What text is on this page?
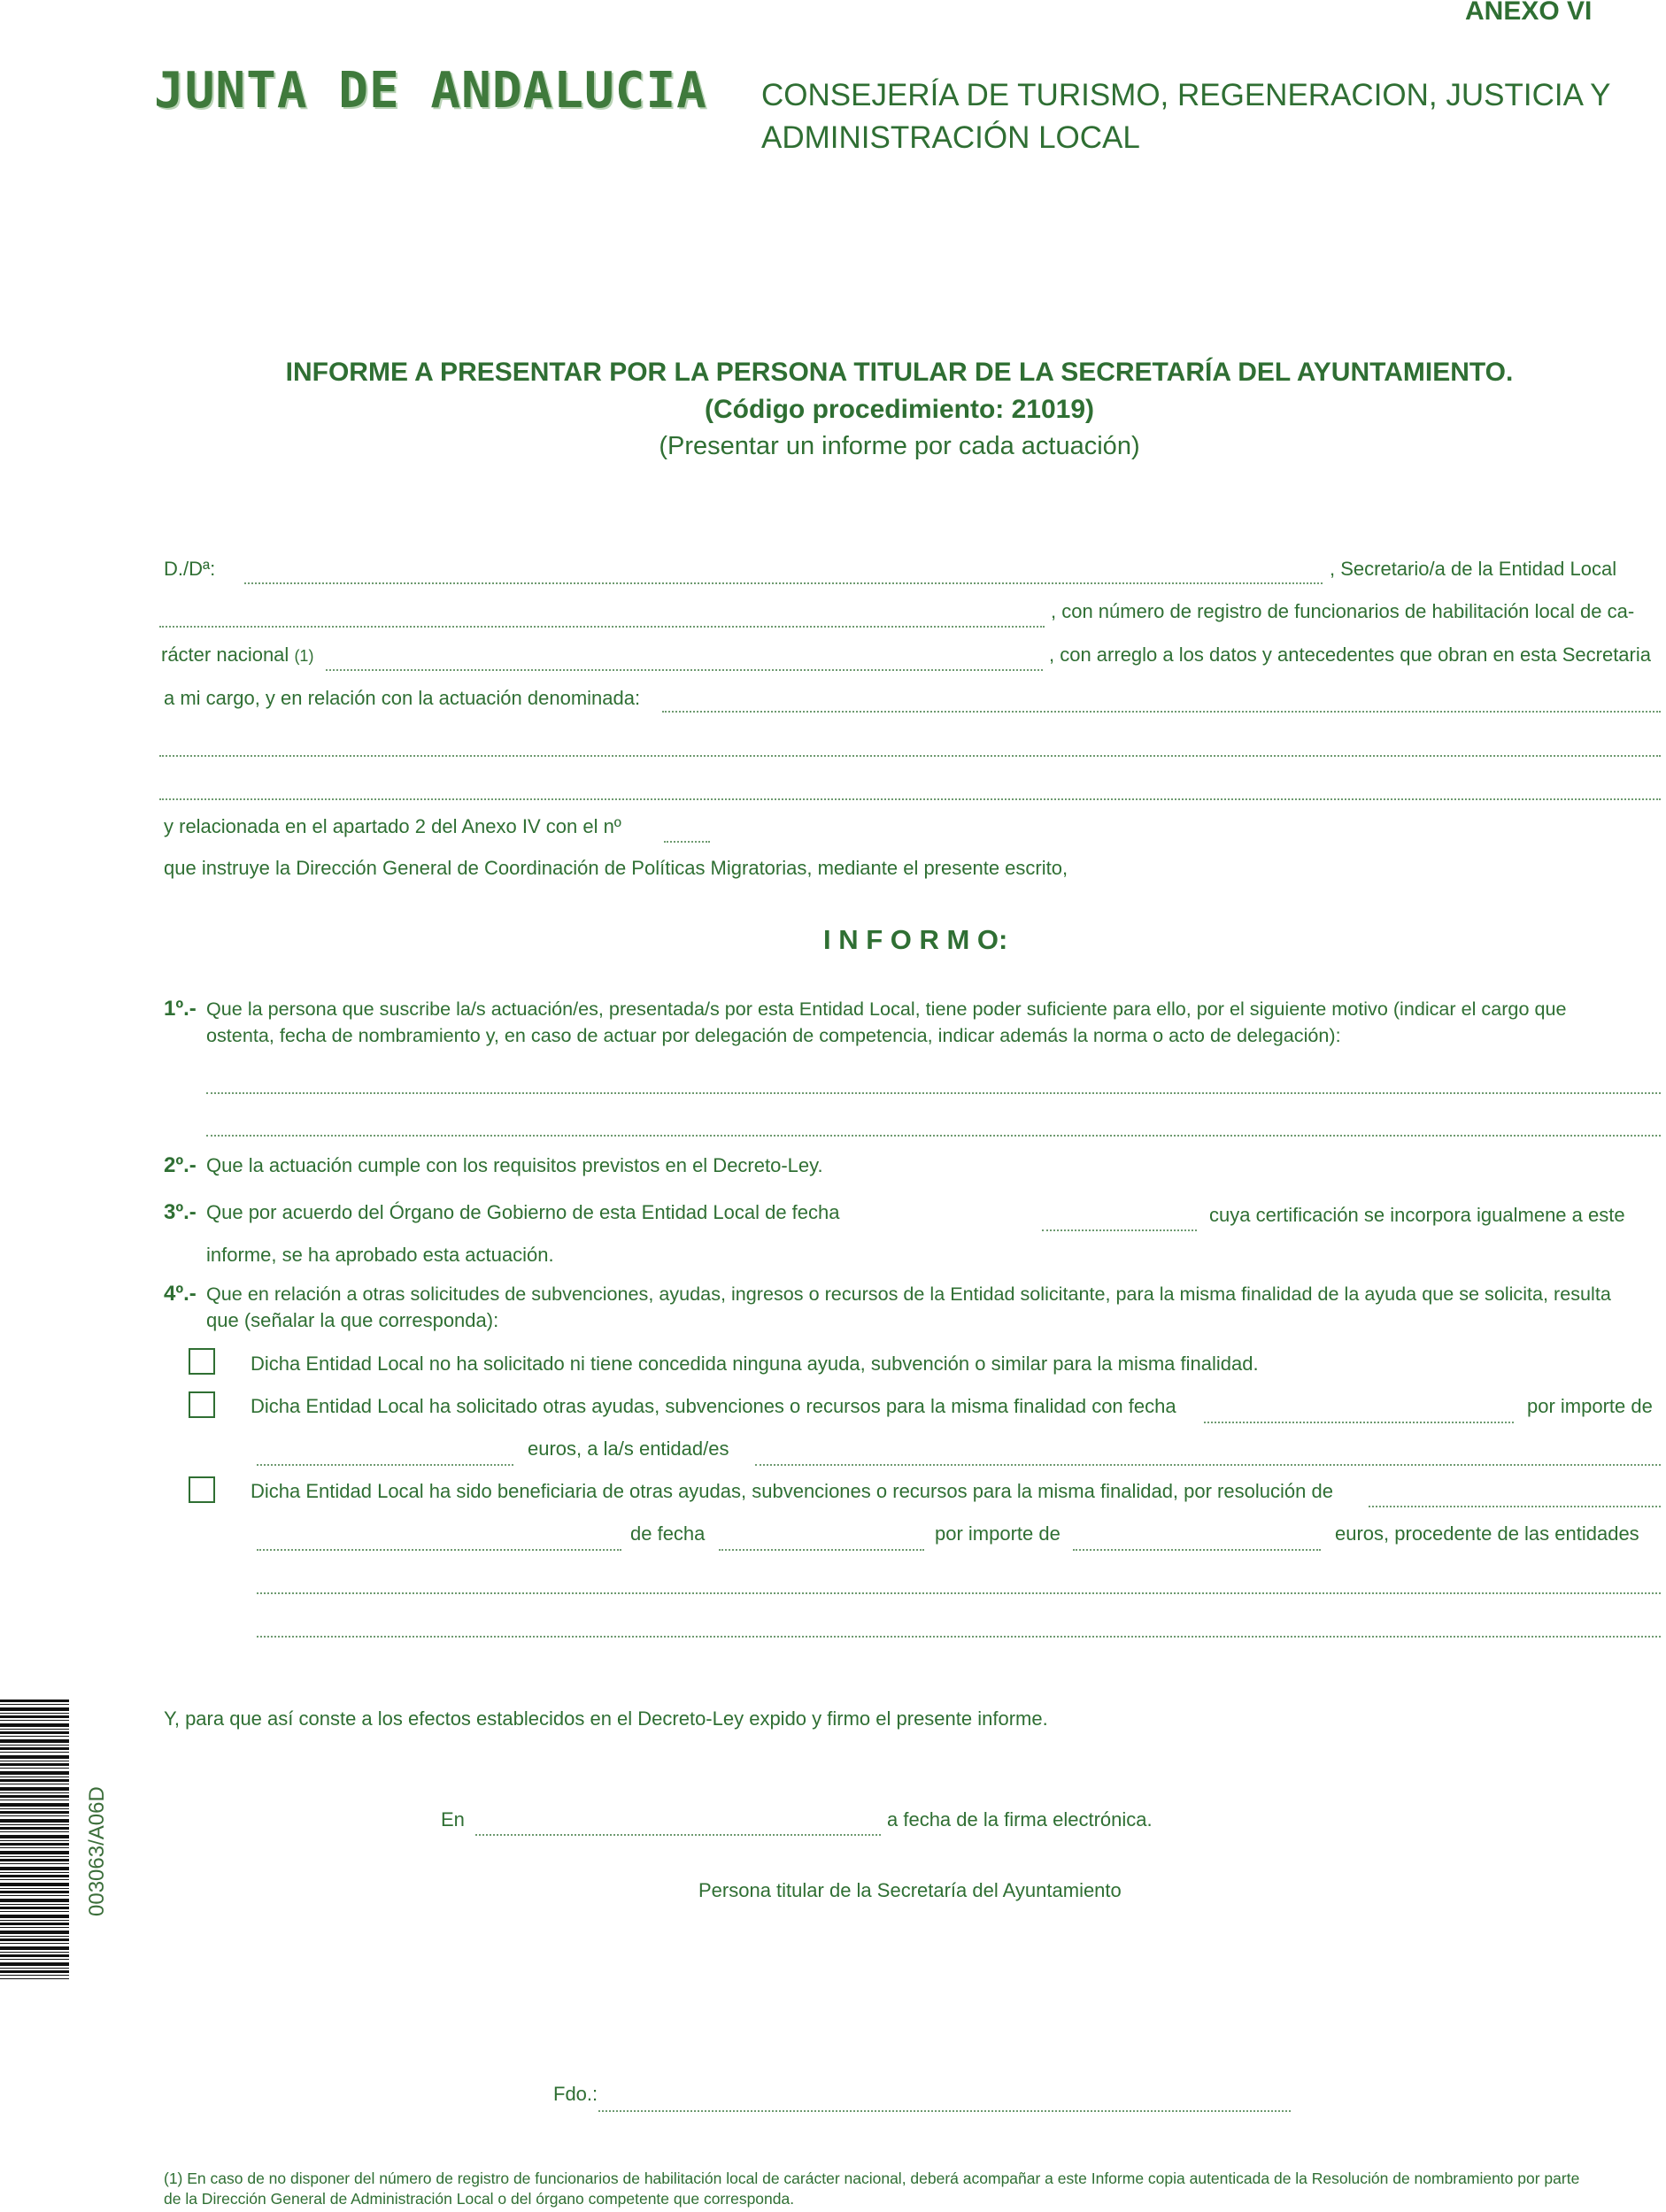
ANEXO VI
JUNTA DE ANDALUCIA CONSEJERÍA DE TURISMO, REGENERACION, JUSTICIA Y
ADMINISTRACIÓN LOCAL
INFORME A PRESENTAR POR LA PERSONA TITULAR DE LA SECRETARÍA DEL AYUNTAMIENTO.
(Código procedimiento: 21019)
(Presentar un informe por cada actuación)
D./Dª:	, Secretario/a de la Entidad Local
, con número de registro de funcionarios de habilitación local de ca-
rácter nacional (1)	, con arreglo a los datos y antecedentes que obran en esta Secretaria
a mi cargo, y en relación con la actuación denominada:
y relacionada en el apartado 2 del Anexo IV con el nº
que instruye la Dirección General de Coordinación de Políticas Migratorias, mediante el presente escrito,
I N F O R M O:
1º.- Que la persona que suscribe la/s actuación/es, presentada/s por esta Entidad Local, tiene poder suficiente para ello, por el siguiente motivo (indicar el cargo que
ostenta, fecha de nombramiento y, en caso de actuar por delegación de competencia, indicar además la norma o acto de delegación):
2º.- Que la actuación cumple con los requisitos previstos en el Decreto-Ley.
3º.- Que por acuerdo del Órgano de Gobierno de esta Entidad Local de fecha	cuya certificación se incorpora igualmene a este
informe, se ha aprobado esta actuación.
4º.- Que en relación a otras solicitudes de subvenciones, ayudas, ingresos o recursos de la Entidad solicitante, para la misma finalidad de la ayuda que se solicita, resulta
que (señalar la que corresponda):
Dicha Entidad Local no ha solicitado ni tiene concedida ninguna ayuda, subvención o similar para la misma finalidad.
Dicha Entidad Local ha solicitado otras ayudas, subvenciones o recursos para la misma finalidad con fecha	por importe de
euros, a la/s entidad/es
Dicha Entidad Local ha sido beneficiaria de otras ayudas, subvenciones o recursos para la misma finalidad, por resolución de
de fecha	por importe de	euros, procedente de las entidades
003063/A06D
Y, para que así conste a los efectos establecidos en el Decreto-Ley expido y firmo el presente informe.
En	a fecha de la firma electrónica.
Persona titular de la Secretaría del Ayuntamiento
Fdo.:
(1) En caso de no disponer del número de registro de funcionarios de habilitación local de carácter nacional, deberá acompañar a este Informe copia autenticada de la Resolución de nombramiento por parte
de la Dirección General de Administración Local o del órgano competente que corresponda.
